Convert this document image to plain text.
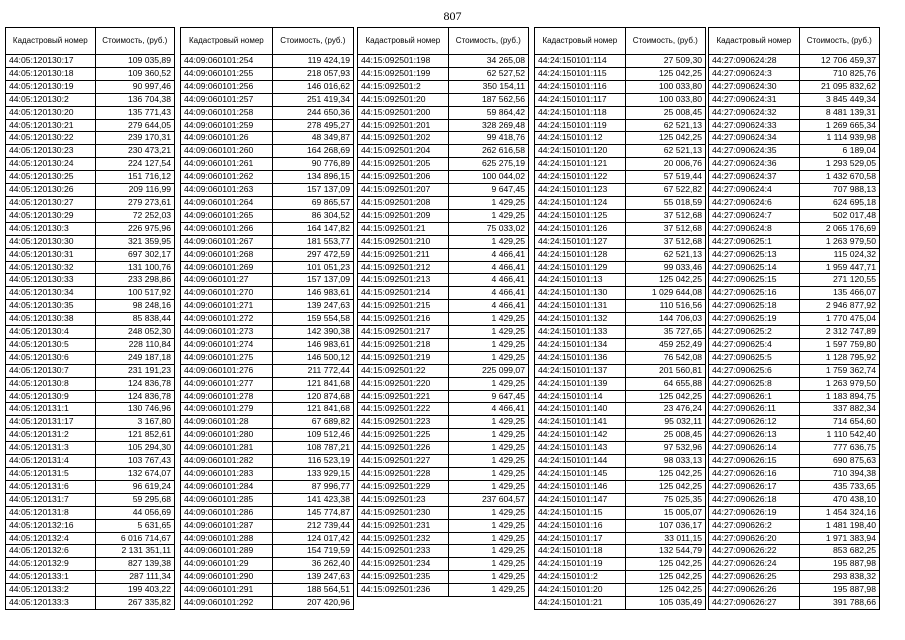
807
Кадастровый номер	Стоимость, (руб.)
44:05:120130:17	109 035,89
44:05:120130:18	109 360,52
44:05:120130:19	90 997,46
44:05:120130:2	136 704,38
44:05:120130:20	135 771,43
44:05:120130:21	279 644,05
44:05:120130:22	239 170,31
44:05:120130:23	230 473,21
44:05:120130:24	224 127,54
44:05:120130:25	151 716,12
44:05:120130:26	209 116,99
44:05:120130:27	279 273,61
44:05:120130:29	72 252,03
44:05:120130:3	226 975,96
44:05:120130:30	321 359,95
44:05:120130:31	697 302,17
44:05:120130:32	131 100,76
44:05:120130:33	233 298,86
44:05:120130:34	100 517,92
44:05:120130:35	98 248,16
44:05:120130:38	85 838,44
44:05:120130:4	248 052,30
44:05:120130:5	228 110,84
44:05:120130:6	249 187,18
44:05:120130:7	231 191,23
44:05:120130:8	124 836,78
44:05:120130:9	124 836,78
44:05:120131:1	130 746,96
44:05:120131:17	3 167,80
44:05:120131:2	121 852,61
44:05:120131:3	105 294,30
44:05:120131:4	103 767,43
44:05:120131:5	132 674,07
44:05:120131:6	96 619,24
44:05:120131:7	59 295,68
44:05:120131:8	44 056,69
44:05:120132:16	5 631,65
44:05:120132:4	6 016 714,67
44:05:120132:6	2 131 351,11
44:05:120132:9	827 139,38
44:05:120133:1	287 111,34
44:05:120133:2	199 403,22
44:05:120133:3	267 335,82
Кадастровый номер	Стоимость, (руб.)
44:09:060101:254	119 424,19
44:09:060101:255	218 057,93
44:09:060101:256	146 016,62
44:09:060101:257	251 419,34
44:09:060101:258	244 650,36
44:09:060101:259	278 495,27
44:09:060101:26	48 349,87
44:09:060101:260	164 268,69
44:09:060101:261	90 776,89
44:09:060101:262	134 896,15
44:09:060101:263	157 137,09
44:09:060101:264	69 865,57
44:09:060101:265	86 304,52
44:09:060101:266	164 147,82
44:09:060101:267	181 553,77
44:09:060101:268	297 472,59
44:09:060101:269	101 051,23
44:09:060101:27	157 137,09
44:09:060101:270	146 983,61
44:09:060101:271	139 247,63
44:09:060101:272	159 554,58
44:09:060101:273	142 390,38
44:09:060101:274	146 983,61
44:09:060101:275	146 500,12
44:09:060101:276	211 772,44
44:09:060101:277	121 841,68
44:09:060101:278	120 874,68
44:09:060101:279	121 841,68
44:09:060101:28	67 689,82
44:09:060101:280	109 512,46
44:09:060101:281	108 787,21
44:09:060101:282	116 523,19
44:09:060101:283	133 929,15
44:09:060101:284	87 996,77
44:09:060101:285	141 423,38
44:09:060101:286	145 774,87
44:09:060101:287	212 739,44
44:09:060101:288	124 017,42
44:09:060101:289	154 719,59
44:09:060101:29	36 262,40
44:09:060101:290	139 247,63
44:09:060101:291	188 564,51
44:09:060101:292	207 420,96
Кадастровый номер	Стоимость, (руб.)
44:15:092501:198	34 265,08
44:15:092501:199	62 527,52
44:15:092501:2	350 154,11
44:15:092501:20	187 562,56
44:15:092501:200	59 864,42
44:15:092501:201	328 269,48
44:15:092501:202	99 418,76
44:15:092501:204	262 616,58
44:15:092501:205	625 275,19
44:15:092501:206	100 044,02
44:15:092501:207	9 647,45
44:15:092501:208	1 429,25
44:15:092501:209	1 429,25
44:15:092501:21	75 033,02
44:15:092501:210	1 429,25
44:15:092501:211	4 466,41
44:15:092501:212	4 466,41
44:15:092501:213	4 466,41
44:15:092501:214	4 466,41
44:15:092501:215	4 466,41
44:15:092501:216	1 429,25
44:15:092501:217	1 429,25
44:15:092501:218	1 429,25
44:15:092501:219	1 429,25
44:15:092501:22	225 099,07
44:15:092501:220	1 429,25
44:15:092501:221	9 647,45
44:15:092501:222	4 466,41
44:15:092501:223	1 429,25
44:15:092501:225	1 429,25
44:15:092501:226	1 429,25
44:15:092501:227	1 429,25
44:15:092501:228	1 429,25
44:15:092501:229	1 429,25
44:15:092501:23	237 604,57
44:15:092501:230	1 429,25
44:15:092501:231	1 429,25
44:15:092501:232	1 429,25
44:15:092501:233	1 429,25
44:15:092501:234	1 429,25
44:15:092501:235	1 429,25
44:15:092501:236	1 429,25
Кадастровый номер	Стоимость, (руб.)
44:24:150101:114	27 509,30
44:24:150101:115	125 042,25
44:24:150101:116	100 033,80
44:24:150101:117	100 033,80
44:24:150101:118	25 008,45
44:24:150101:119	62 521,13
44:24:150101:12	125 042,25
44:24:150101:120	62 521,13
44:24:150101:121	20 006,76
44:24:150101:122	57 519,44
44:24:150101:123	67 522,82
44:24:150101:124	55 018,59
44:24:150101:125	37 512,68
44:24:150101:126	37 512,68
44:24:150101:127	37 512,68
44:24:150101:128	62 521,13
44:24:150101:129	99 033,46
44:24:150101:13	125 042,25
44:24:150101:130	1 029 644,08
44:24:150101:131	110 516,56
44:24:150101:132	144 706,03
44:24:150101:133	35 727,65
44:24:150101:134	459 252,49
44:24:150101:136	76 542,08
44:24:150101:137	201 560,81
44:24:150101:139	64 655,88
44:24:150101:14	125 042,25
44:24:150101:140	23 476,24
44:24:150101:141	95 032,11
44:24:150101:142	25 008,45
44:24:150101:143	97 532,96
44:24:150101:144	98 033,13
44:24:150101:145	125 042,25
44:24:150101:146	125 042,25
44:24:150101:147	75 025,35
44:24:150101:15	15 005,07
44:24:150101:16	107 036,17
44:24:150101:17	33 011,15
44:24:150101:18	132 544,79
44:24:150101:19	125 042,25
44:24:150101:2	125 042,25
44:24:150101:20	125 042,25
44:24:150101:21	105 035,49
Кадастровый номер	Стоимость, (руб.)
44:27:090624:28	12 706 459,37
44:27:090624:3	710 825,76
44:27:090624:30	21 095 832,62
44:27:090624:31	3 845 449,34
44:27:090624:32	8 481 139,31
44:27:090624:33	1 269 665,34
44:27:090624:34	1 114 939,98
44:27:090624:35	6 189,04
44:27:090624:36	1 293 529,05
44:27:090624:37	1 432 670,58
44:27:090624:4	707 988,13
44:27:090624:6	624 695,18
44:27:090624:7	502 017,48
44:27:090624:8	2 065 176,69
44:27:090625:1	1 263 979,50
44:27:090625:13	115 024,32
44:27:090625:14	1 959 447,71
44:27:090625:15	271 120,55
44:27:090625:16	135 466,07
44:27:090625:18	2 946 877,92
44:27:090625:19	1 770 475,04
44:27:090625:2	2 312 747,89
44:27:090625:4	1 597 759,80
44:27:090625:5	1 128 795,92
44:27:090625:6	1 759 362,74
44:27:090625:8	1 263 979,50
44:27:090626:1	1 183 894,75
44:27:090626:11	337 882,34
44:27:090626:12	714 654,60
44:27:090626:13	1 110 542,40
44:27:090626:14	777 636,75
44:27:090626:15	690 875,63
44:27:090626:16	710 394,38
44:27:090626:17	435 733,65
44:27:090626:18	470 438,10
44:27:090626:19	1 454 324,16
44:27:090626:2	1 481 198,40
44:27:090626:20	1 971 383,94
44:27:090626:22	853 682,25
44:27:090626:24	195 887,98
44:27:090626:25	293 838,32
44:27:090626:26	195 887,98
44:27:090626:27	391 788,66
